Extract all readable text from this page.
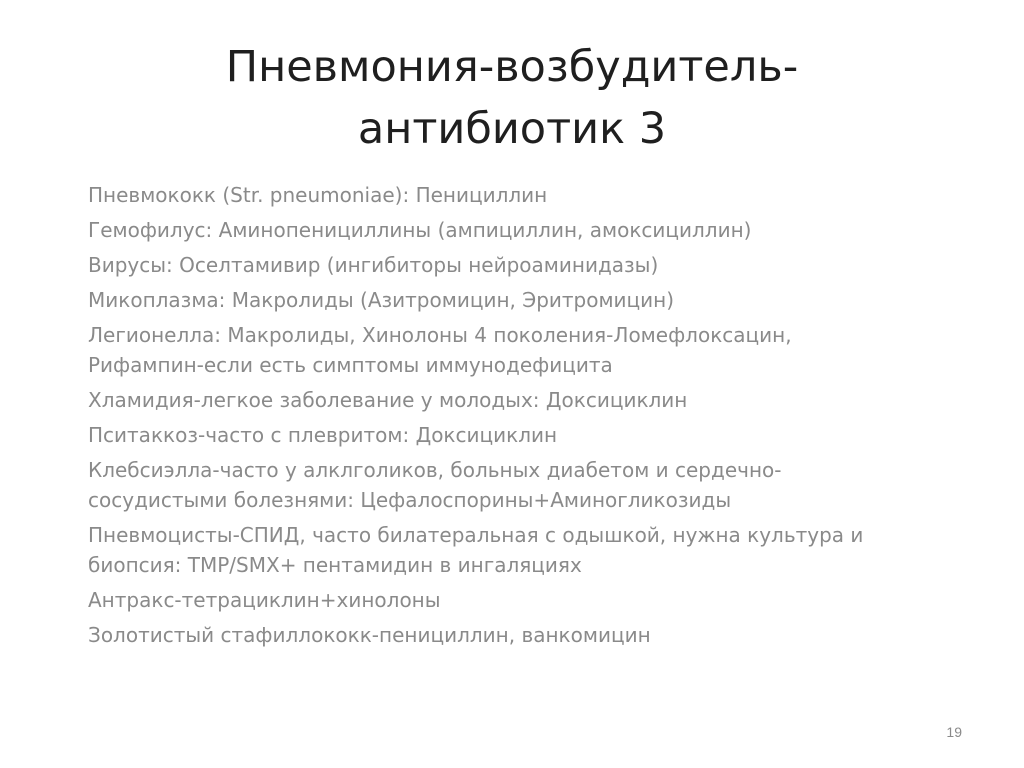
Пневмония-возбудитель-
антибиотик 3
Пневмококк (Str. pneumoniae): Пенициллин
Гемофилус: Аминопенициллины (ампициллин, амоксициллин)
Вирусы: Оселтамивир (ингибиторы нейроаминидазы)
Микоплазма: Макролиды (Азитромицин, Эритромицин)
Легионелла: Макролиды, Хинолоны 4 поколения-Ломефлоксацин,
Рифампин-если есть симптомы иммунодефицита
Хламидия-легкое заболевание у молодых: Доксициклин
Пситаккоз-часто с плевритом: Доксициклин
Клебсиэлла-часто у алклголиков, больных диабетом и сердечно-
сосудистыми болезнями: Цефалоспорины+Аминогликозиды
Пневмоцисты-СПИД, часто билатеральная с одышкой, нужна культура и
биопсия: TMP/SMX+ пентамидин в ингаляциях
Антракс-тетрациклин+хинолоны
Золотистый стафиллококк-пенициллин, ванкомицин
19
